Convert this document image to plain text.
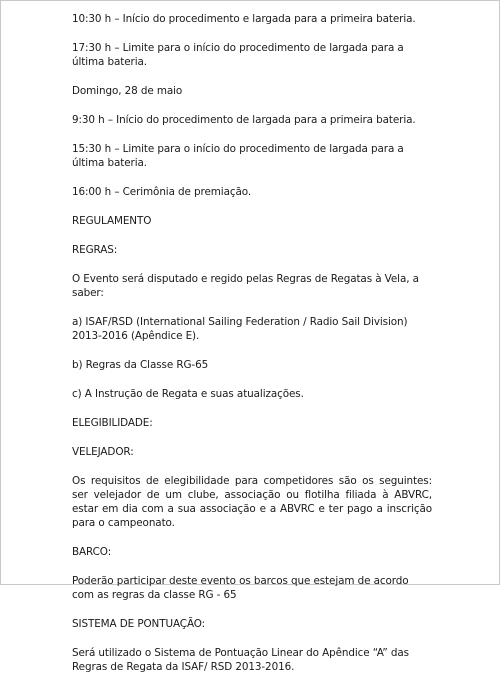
10:30 h – Início do procedimento e largada para a primeira bateria.

17:30 h – Limite para o início do procedimento de largada para a última bateria.

Domingo, 28 de maio

9:30 h – Início do procedimento de largada para a primeira bateria.

15:30 h – Limite para o início do procedimento de largada para a última bateria.

16:00 h – Cerimônia de premiação.

REGULAMENTO

REGRAS:

O Evento será disputado e regido pelas Regras de Regatas à Vela, a saber:

a) ISAF/RSD (International Sailing Federation / Radio Sail Division) 2013-2016 (Apêndice E).

b) Regras da Classe RG-65

c) A Instrução de Regata e suas atualizações.

ELEGIBILIDADE:

VELEJADOR:

Os requisitos de elegibilidade para competidores são os seguintes: ser velejador de um clube, associação ou flotilha filiada à ABVRC, estar em dia com a sua associação e a ABVRC e ter pago a inscrição para o campeonato.

BARCO:

Poderão participar deste evento os barcos que estejam de acordo com as regras da classe RG - 65

SISTEMA DE PONTUAÇÃO:

Será utilizado o Sistema de Pontuação Linear do Apêndice “A” das Regras de Regata da ISAF/ RSD 2013-2016.
